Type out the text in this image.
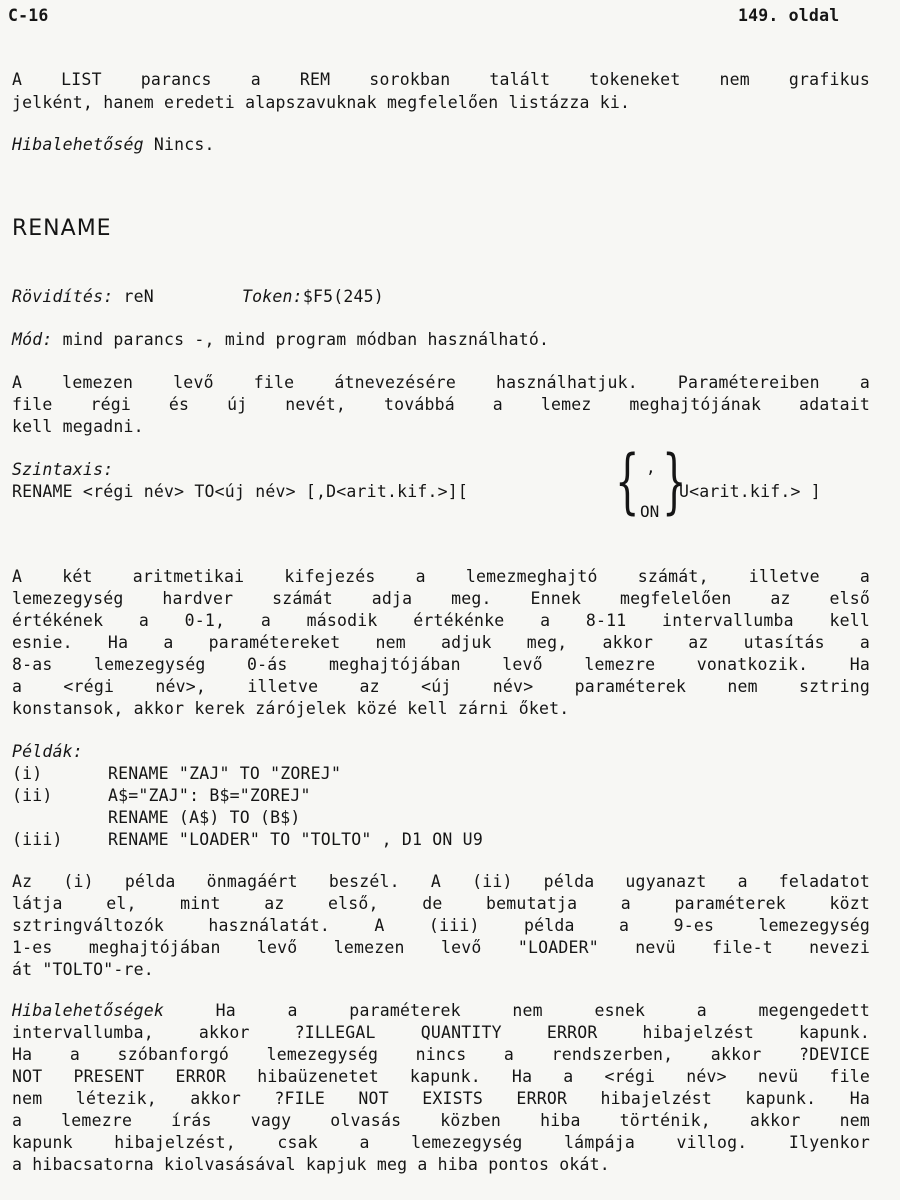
C-16	149. oldal
A LIST parancs a REM sorokban talált tokeneket nem grafikus
jelként, hanem eredeti alapszavuknak megfelelően listázza ki.
Hibalehetőség Nincs.
RENAME
Rövidítés: reN	Token:$F5(245)
Mód: mind parancs -, mind program módban használható.
A lemezen levő file átnevezésére használhatjuk. Paramétereiben a
file régi és új nevét, továbbá a lemez meghajtójának adatait
kell megadni.
Szintaxis:
RENAME <régi név> TO<új név> [,D<arit.kif.>][ { ,
ON }
U<arit.kif.> ]
A két aritmetikai kifejezés a lemezmeghajtó számát, illetve a
lemezegység hardver számát adja meg. Ennek megfelelően az első
értékének a 0-1, a második értékénke a 8-11 intervallumba kell
esnie. Ha a paramétereket nem adjuk meg, akkor az utasítás a
8-as lemezegység 0-ás meghajtójában levő lemezre vonatkozik. Ha
a <régi név>, illetve az <új név> paraméterek nem sztring
konstansok, akkor kerek zárójelek közé kell zárni őket.
Példák:
(i)	RENAME "ZAJ" TO "ZOREJ"
(ii)	A$="ZAJ": B$="ZOREJ"
RENAME (A$) TO (B$)
(iii)	RENAME "LOADER" TO "TOLTO" , D1 ON U9
Az (i) példa önmagáért beszél. A (ii) példa ugyanazt a feladatot
látja el, mint az első, de bemutatja a paraméterek közt
sztringváltozók használatát. A (iii) példa a 9-es lemezegység
1-es meghajtójában levő lemezen levő "LOADER" nevü file-t nevezi
át "TOLTO"-re.
Hibalehetőségek Ha a paraméterek nem esnek a megengedett
intervallumba, akkor ?ILLEGAL QUANTITY ERROR hibajelzést kapunk.
Ha a szóbanforgó lemezegység nincs a rendszerben, akkor ?DEVICE
NOT PRESENT ERROR hibaüzenetet kapunk. Ha a <régi név> nevü file
nem létezik, akkor ?FILE NOT EXISTS ERROR hibajelzést kapunk. Ha
a lemezre írás vagy olvasás közben hiba történik, akkor nem
kapunk hibajelzést, csak a lemezegység lámpája villog. Ilyenkor
a hibacsatorna kiolvasásával kapjuk meg a hiba pontos okát.
